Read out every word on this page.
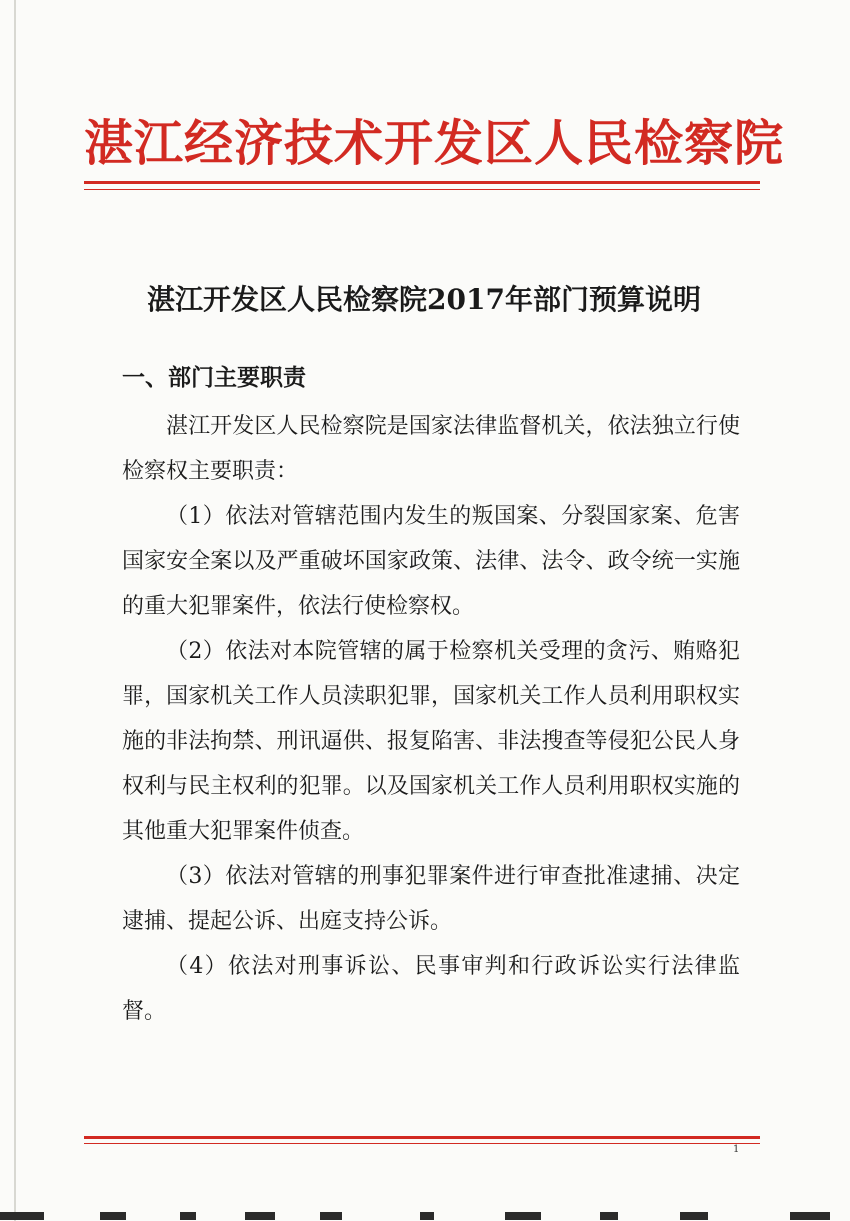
湛江经济技术开发区人民检察院
湛江开发区人民检察院2017年部门预算说明
一、部门主要职责

湛江开发区人民检察院是国家法律监督机关，依法独立行使检察权主要职责：

（1）依法对管辖范围内发生的叛国案、分裂国家案、危害国家安全案以及严重破坏国家政策、法律、法令、政令统一实施的重大犯罪案件，依法行使检察权。

（2）依法对本院管辖的属于检察机关受理的贪污、贿赂犯罪，国家机关工作人员渎职犯罪，国家机关工作人员利用职权实施的非法拘禁、刑讯逼供、报复陷害、非法搜查等侵犯公民人身权利与民主权利的犯罪。以及国家机关工作人员利用职权实施的其他重大犯罪案件侦查。

（3）依法对管辖的刑事犯罪案件进行审查批准逮捕、决定逮捕、提起公诉、出庭支持公诉。

（4）依法对刑事诉讼、民事审判和行政诉讼实行法律监督。

1
